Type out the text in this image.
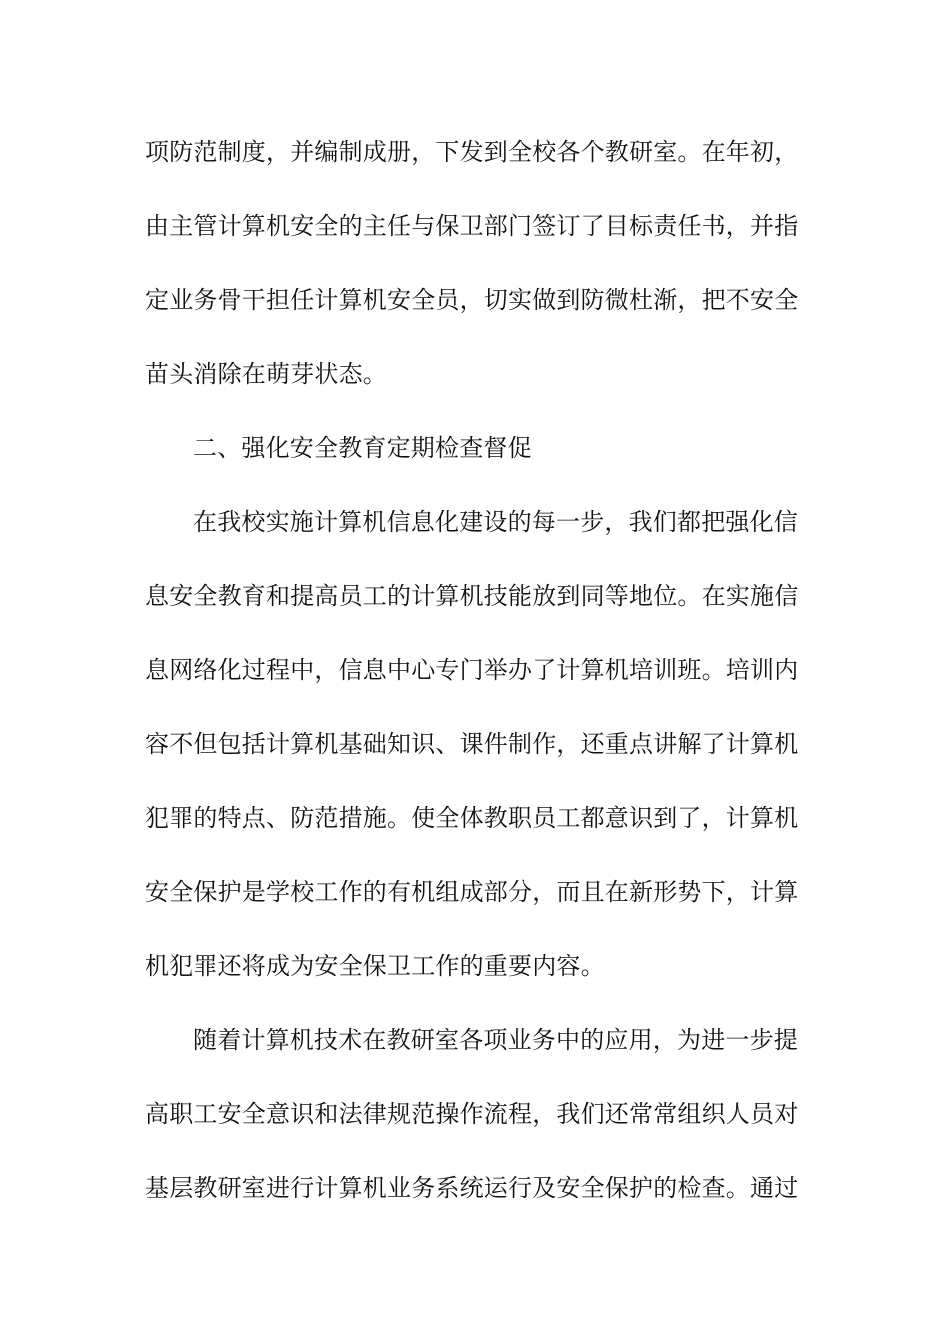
项防范制度，并编制成册，下发到全校各个教研室。在年初，
由主管计算机安全的主任与保卫部门签订了目标责任书，并指
定业务骨干担任计算机安全员，切实做到防微杜渐，把不安全
苗头消除在萌芽状态。
二、强化安全教育定期检查督促
在我校实施计算机信息化建设的每一步，我们都把强化信
息安全教育和提高员工的计算机技能放到同等地位。在实施信
息网络化过程中，信息中心专门举办了计算机培训班。培训内
容不但包括计算机基础知识、课件制作，还重点讲解了计算机
犯罪的特点、防范措施。使全体教职员工都意识到了，计算机
安全保护是学校工作的有机组成部分，而且在新形势下，计算
机犯罪还将成为安全保卫工作的重要内容。
随着计算机技术在教研室各项业务中的应用，为进一步提
高职工安全意识和法律规范操作流程，我们还常常组织人员对
基层教研室进行计算机业务系统运行及安全保护的检查。通过
